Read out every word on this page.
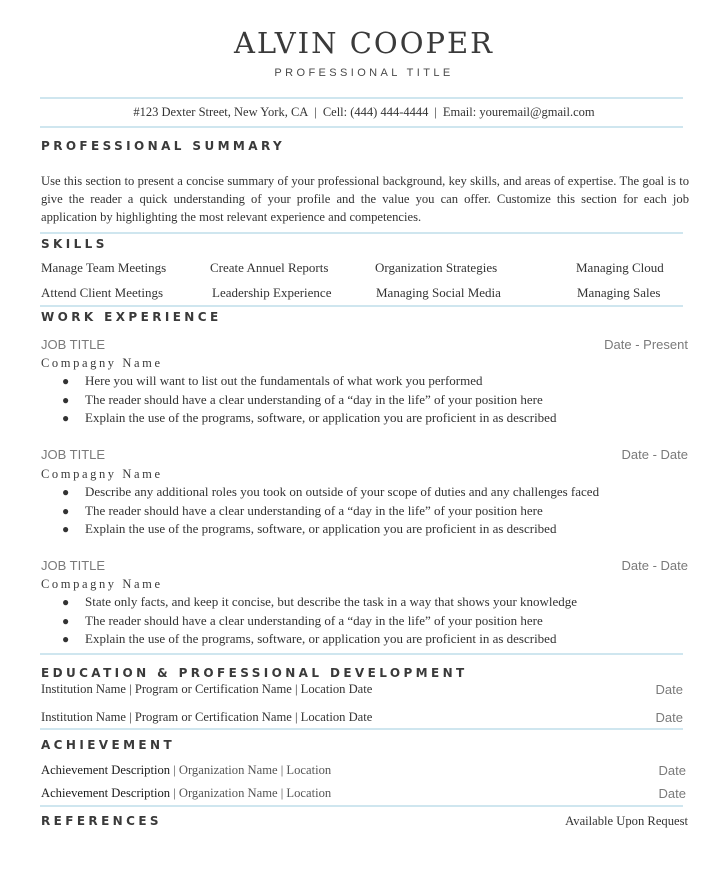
ALVIN COOPER
PROFESSIONAL TITLE
#123 Dexter Street, New York, CA | Cell: (444) 444-4444 | Email: youremail@gmail.com
PROFESSIONAL SUMMARY
Use this section to present a concise summary of your professional background, key skills, and areas of expertise. The goal is to give the reader a quick understanding of your profile and the value you can offer. Customize this section for each job application by highlighting the most relevant experience and competencies.
SKILLS
Manage Team Meetings	Create Annuel Reports	Organization Strategies	Managing Cloud
Attend Client Meetings	Leadership Experience	Managing Social Media	Managing Sales
WORK EXPERIENCE
JOB TITLE	Date - Present
Compagny Name
● Here you will want to list out the fundamentals of what work you performed
● The reader should have a clear understanding of a “day in the life” of your position here
● Explain the use of the programs, software, or application you are proficient in as described
JOB TITLE	Date - Date
Compagny Name
● Describe any additional roles you took on outside of your scope of duties and any challenges faced
● The reader should have a clear understanding of a “day in the life” of your position here
● Explain the use of the programs, software, or application you are proficient in as described
JOB TITLE	Date - Date
Compagny Name
● State only facts, and keep it concise, but describe the task in a way that shows your knowledge
● The reader should have a clear understanding of a “day in the life” of your position here
● Explain the use of the programs, software, or application you are proficient in as described
EDUCATION & PROFESSIONAL DEVELOPMENT
Institution Name | Program or Certification Name | Location Date	Date
Institution Name | Program or Certification Name | Location Date	Date
ACHIEVEMENT
Achievement Description | Organization Name | Location	Date
Achievement Description | Organization Name | Location	Date
REFERENCES	Available Upon Request
